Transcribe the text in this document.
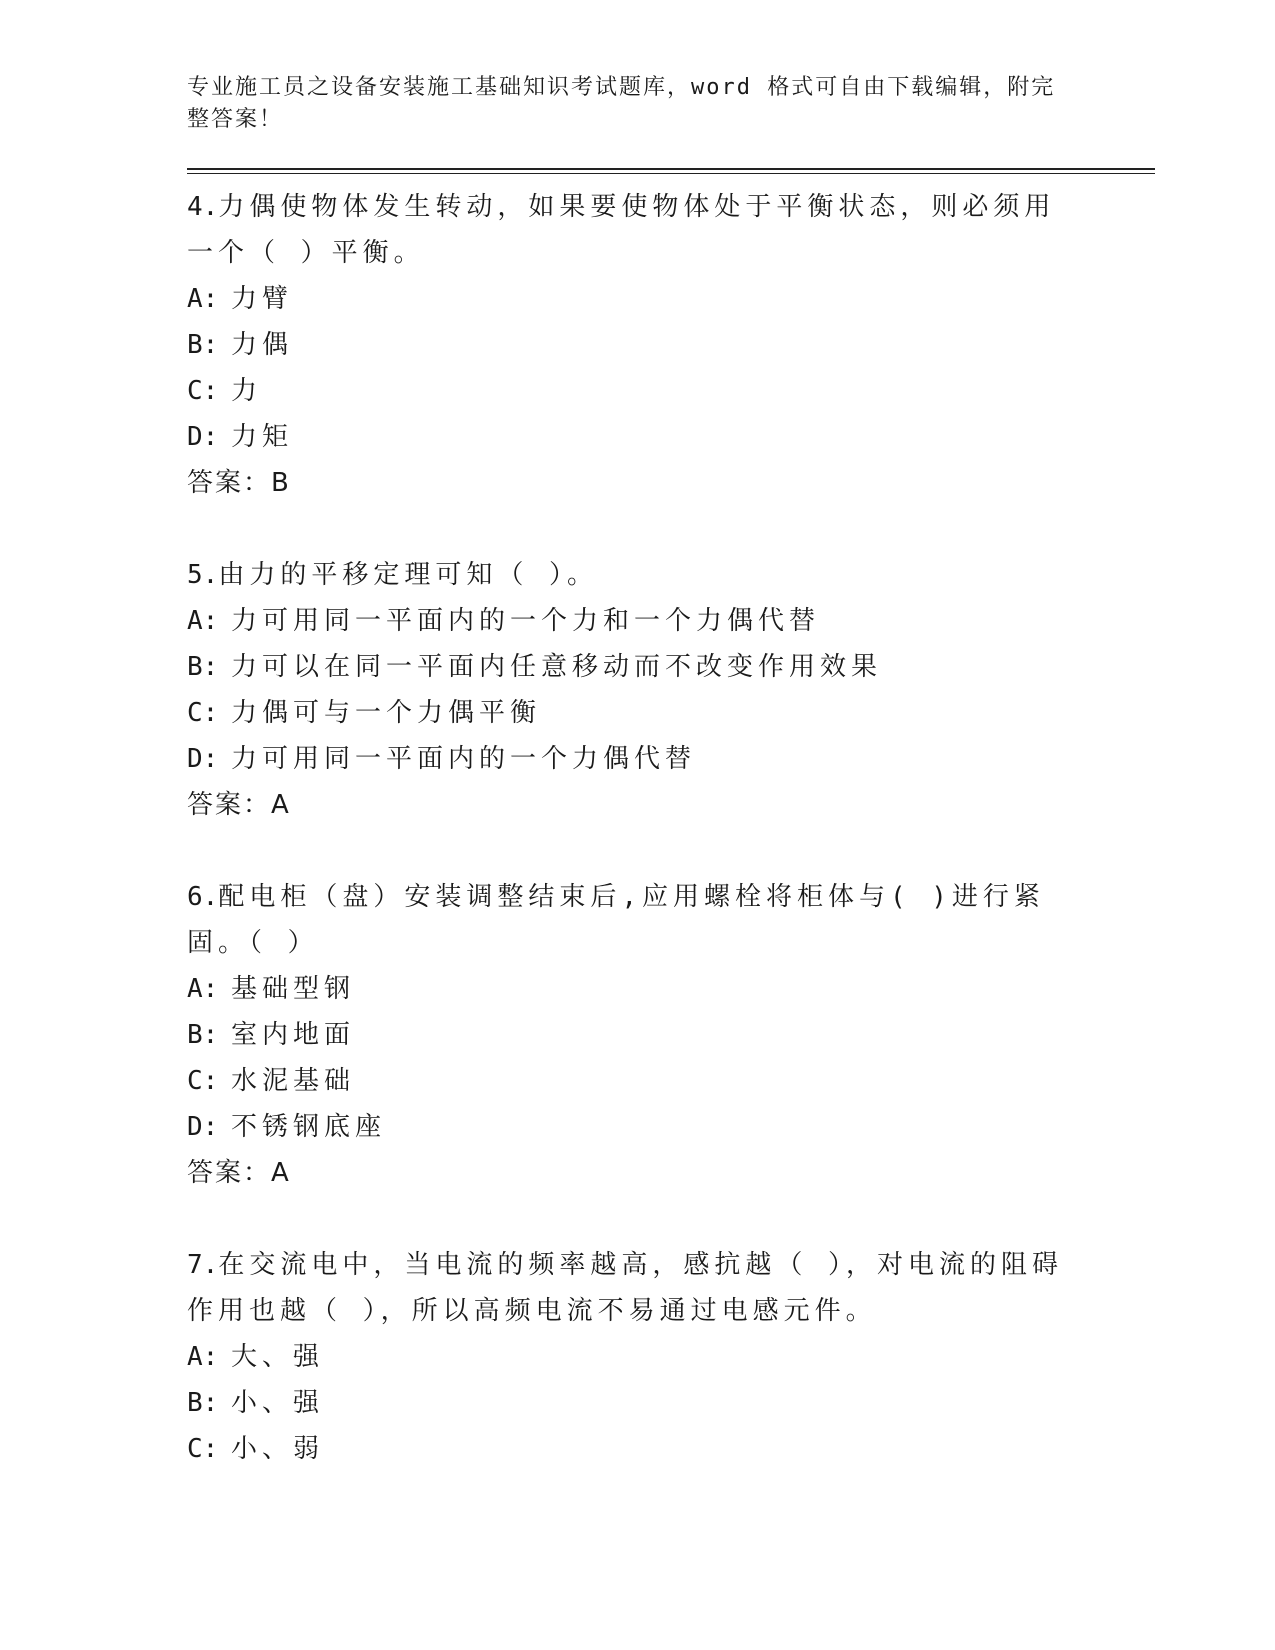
专业施工员之设备安装施工基础知识考试题库，word 格式可自由下载编辑，附完
整答案！

4.力偶使物体发生转动，如果要使物体处于平衡状态，则必须用一个（ ）平衡。

A: 力臂

B: 力偶

C: 力

D: 力矩

答案：B

5.由力的平移定理可知（ ）。

A: 力可用同一平面内的一个力和一个力偶代替

B: 力可以在同一平面内任意移动而不改变作用效果

C: 力偶可与一个力偶平衡

D: 力可用同一平面内的一个力偶代替

答案：A

6.配电柜（盘）安装调整结束后,应用螺栓将柜体与( )进行紧固。（ ）

A: 基础型钢

B: 室内地面

C: 水泥基础

D: 不锈钢底座

答案：A

7.在交流电中，当电流的频率越高，感抗越（ ），对电流的阻碍作用也越（ ），所以高频电流不易通过电感元件。

A: 大、强

B: 小、强

C: 小、弱
